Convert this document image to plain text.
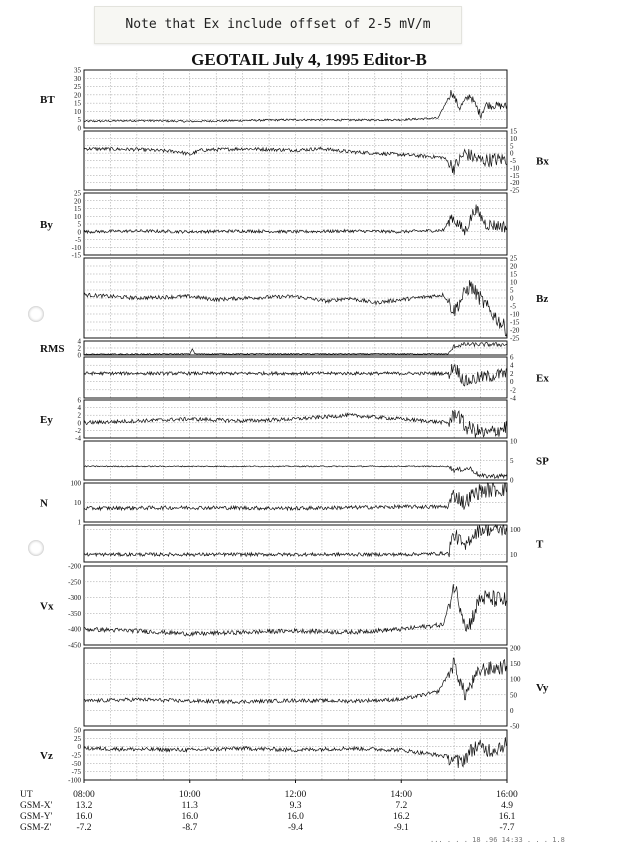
Note that Ex include offset of 2-5 mV/m
GEOTAIL July 4, 1995 Editor-B
35
30
25
20
15
10
5
0
BT
15
10
5
0
-5
-10
-15
-20
-25
Bx
25
20
15
10
5
0
-5
-10
-15
By
25
20
15
10
5
0
-5
-10
-15
-20
-25
Bz
4
2
0
RMS
6
4
2
0
-2
-4
Ex
6
4
2
0
-2
-4
Ey
10
5
0
SP
100
10
1
N
100
10
T
-200
-250
-300
-350
-400
-450
Vx
200
150
100
50
0
-50
Vy
50
25
0
-25
-50
-75
-100
Vz
UT
GSM-X'
GSM-Y'
GSM-Z'
08:00
13.2
16.0
-7.2
10:00
11.3
16.0
-8.7
12:00
9.3
16.0
-9.4
14:00
7.2
16.2
-9.1
16:00
4.9
16.1
-7.7
... . . . 18 .96 14:33 . . . 1.8
